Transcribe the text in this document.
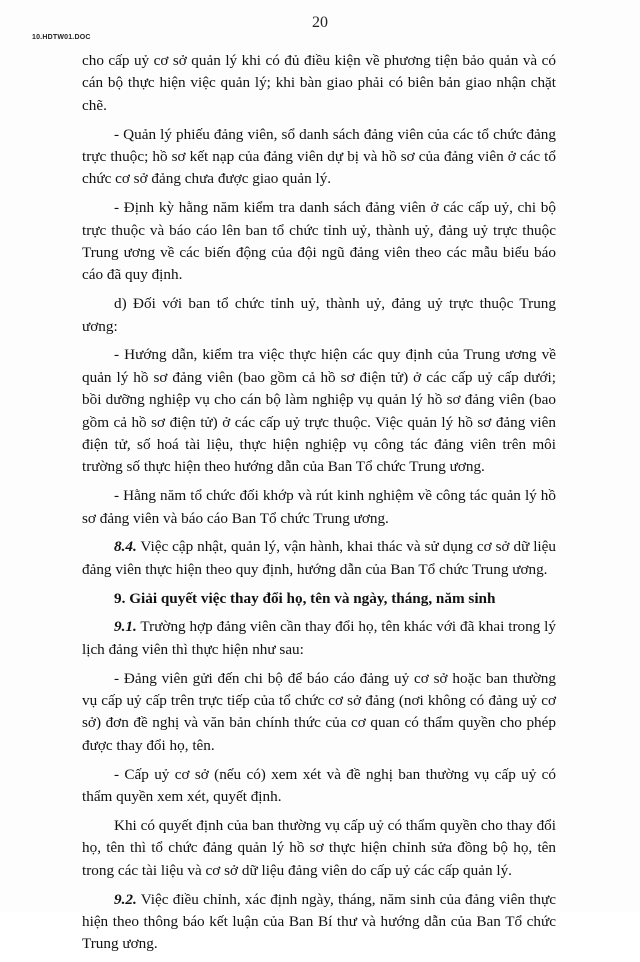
10.HDTW01.DOC
20

cho cấp uỷ cơ sở quản lý khi có đủ điều kiện về phương tiện bảo quản và có cán bộ thực hiện việc quản lý; khi bàn giao phải có biên bản giao nhận chặt chẽ.

- Quản lý phiếu đảng viên, sổ danh sách đảng viên của các tổ chức đảng trực thuộc; hồ sơ kết nạp của đảng viên dự bị và hồ sơ của đảng viên ở các tổ chức cơ sở đảng chưa được giao quản lý.

- Định kỳ hằng năm kiểm tra danh sách đảng viên ở các cấp uỷ, chi bộ trực thuộc và báo cáo lên ban tổ chức tỉnh uỷ, thành uỷ, đảng uỷ trực thuộc Trung ương về các biến động của đội ngũ đảng viên theo các mẫu biểu báo cáo đã quy định.

d) Đối với ban tổ chức tỉnh uỷ, thành uỷ, đảng uỷ trực thuộc Trung ương:

- Hướng dẫn, kiểm tra việc thực hiện các quy định của Trung ương về quản lý hồ sơ đảng viên (bao gồm cả hồ sơ điện tử) ở các cấp uỷ cấp dưới; bồi dưỡng nghiệp vụ cho cán bộ làm nghiệp vụ quản lý hồ sơ đảng viên (bao gồm cả hồ sơ điện tử) ở các cấp uỷ trực thuộc. Việc quản lý hồ sơ đảng viên điện tử, số hoá tài liệu, thực hiện nghiệp vụ công tác đảng viên trên môi trường số thực hiện theo hướng dẫn của Ban Tổ chức Trung ương.

- Hằng năm tổ chức đối khớp và rút kinh nghiệm về công tác quản lý hồ sơ đảng viên và báo cáo Ban Tổ chức Trung ương.

8.4. Việc cập nhật, quản lý, vận hành, khai thác và sử dụng cơ sở dữ liệu đảng viên thực hiện theo quy định, hướng dẫn của Ban Tổ chức Trung ương.

9. Giải quyết việc thay đổi họ, tên và ngày, tháng, năm sinh

9.1. Trường hợp đảng viên cần thay đổi họ, tên khác với đã khai trong lý lịch đảng viên thì thực hiện như sau:

- Đảng viên gửi đến chi bộ để báo cáo đảng uỷ cơ sở hoặc ban thường vụ cấp uỷ cấp trên trực tiếp của tổ chức cơ sở đảng (nơi không có đảng uỷ cơ sở) đơn đề nghị và văn bản chính thức của cơ quan có thẩm quyền cho phép được thay đổi họ, tên.

- Cấp uỷ cơ sở (nếu có) xem xét và đề nghị ban thường vụ cấp uỷ có thẩm quyền xem xét, quyết định.

Khi có quyết định của ban thường vụ cấp uỷ có thẩm quyền cho thay đổi họ, tên thì tổ chức đảng quản lý hồ sơ thực hiện chỉnh sửa đồng bộ họ, tên trong các tài liệu và cơ sở dữ liệu đảng viên do cấp uỷ các cấp quản lý.

9.2. Việc điều chỉnh, xác định ngày, tháng, năm sinh của đảng viên thực hiện theo thông báo kết luận của Ban Bí thư và hướng dẫn của Ban Tổ chức Trung ương.
